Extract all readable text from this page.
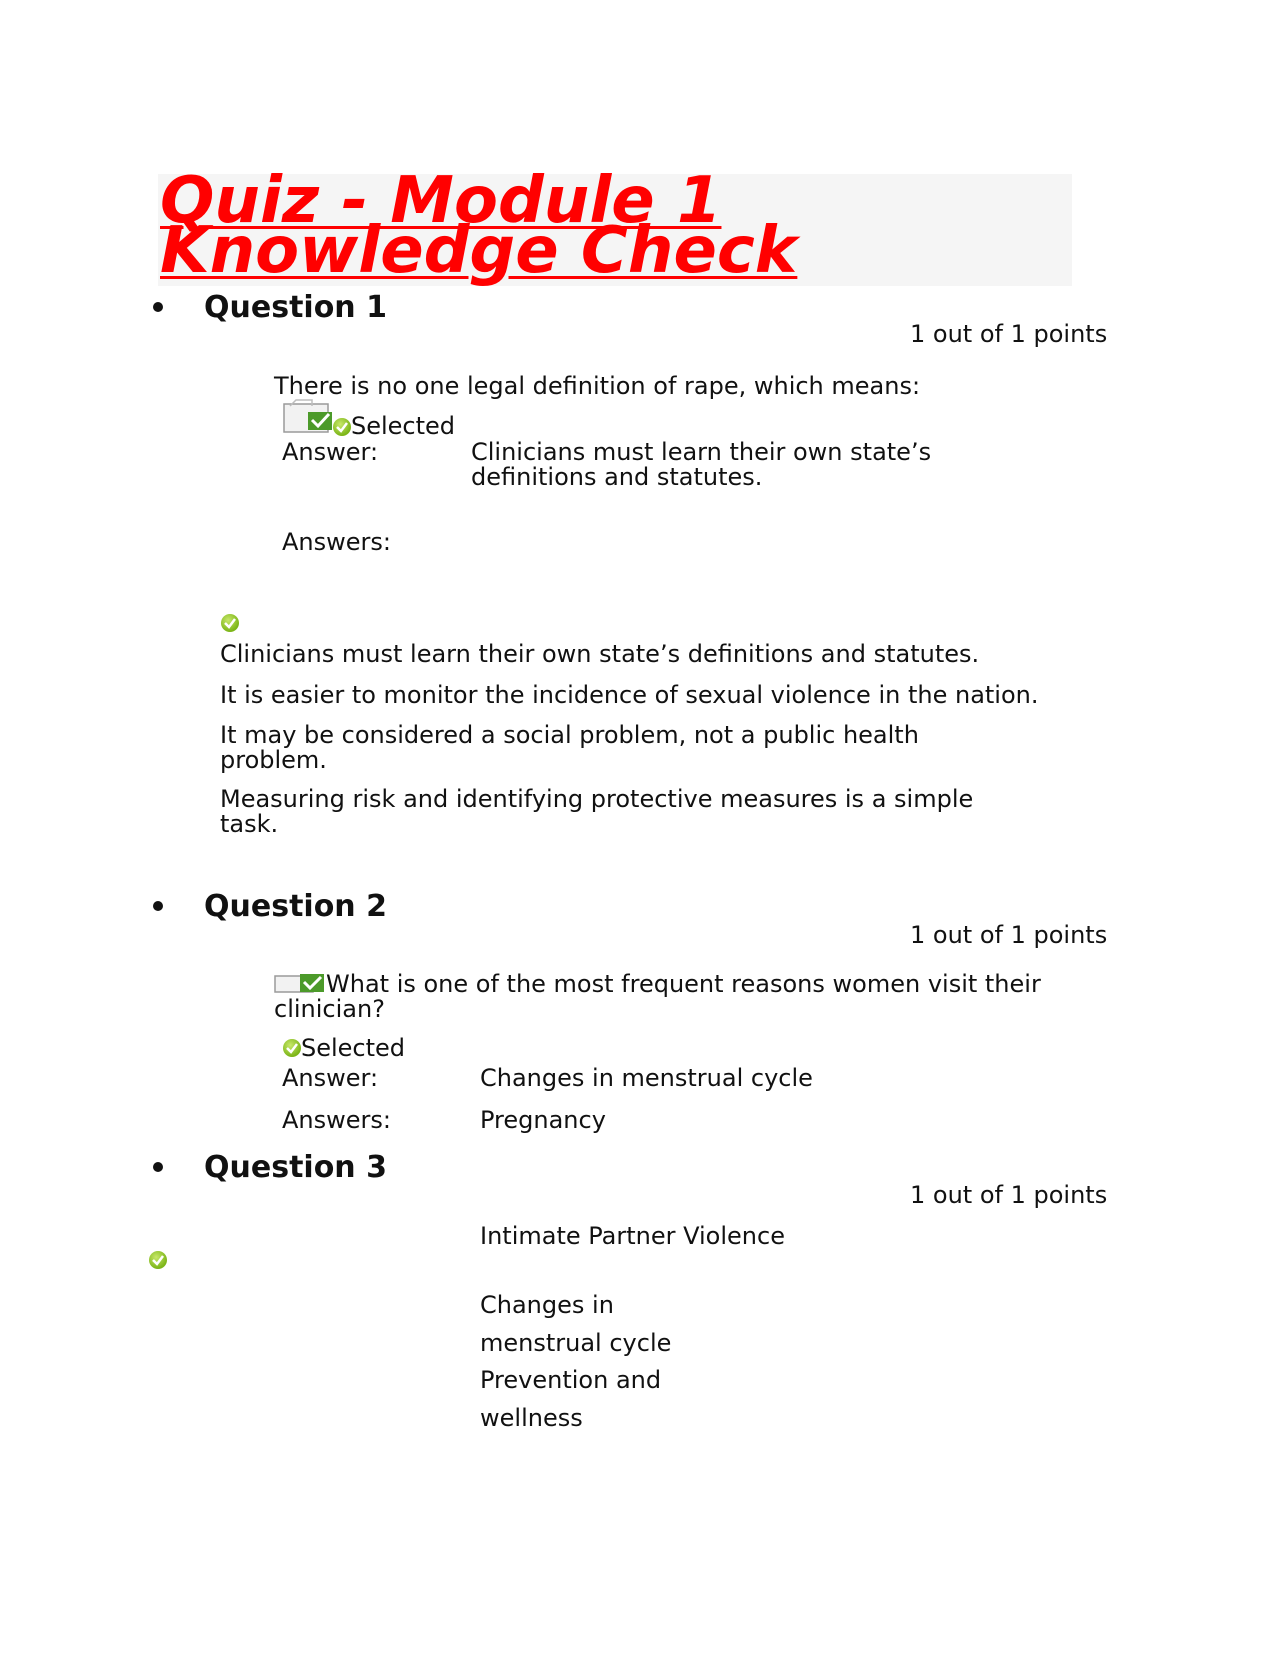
Quiz - Module 1 Knowledge Check
Question 1
1 out of 1 points
There is no one legal definition of rape, which means:
Selected
Answer:	Clinicians must learn their own state’s definitions and statutes.
Answers:
Clinicians must learn their own state’s definitions and statutes.
It is easier to monitor the incidence of sexual violence in the nation.
It may be considered a social problem, not a public health problem.
Measuring risk and identifying protective measures is a simple task.
Question 2
1 out of 1 points
What is one of the most frequent reasons women visit their clinician?
Selected
Answer:	Changes in menstrual cycle
Answers:	Pregnancy
Question 3
1 out of 1 points
Intimate Partner Violence
Changes in menstrual cycle
Prevention and wellness
